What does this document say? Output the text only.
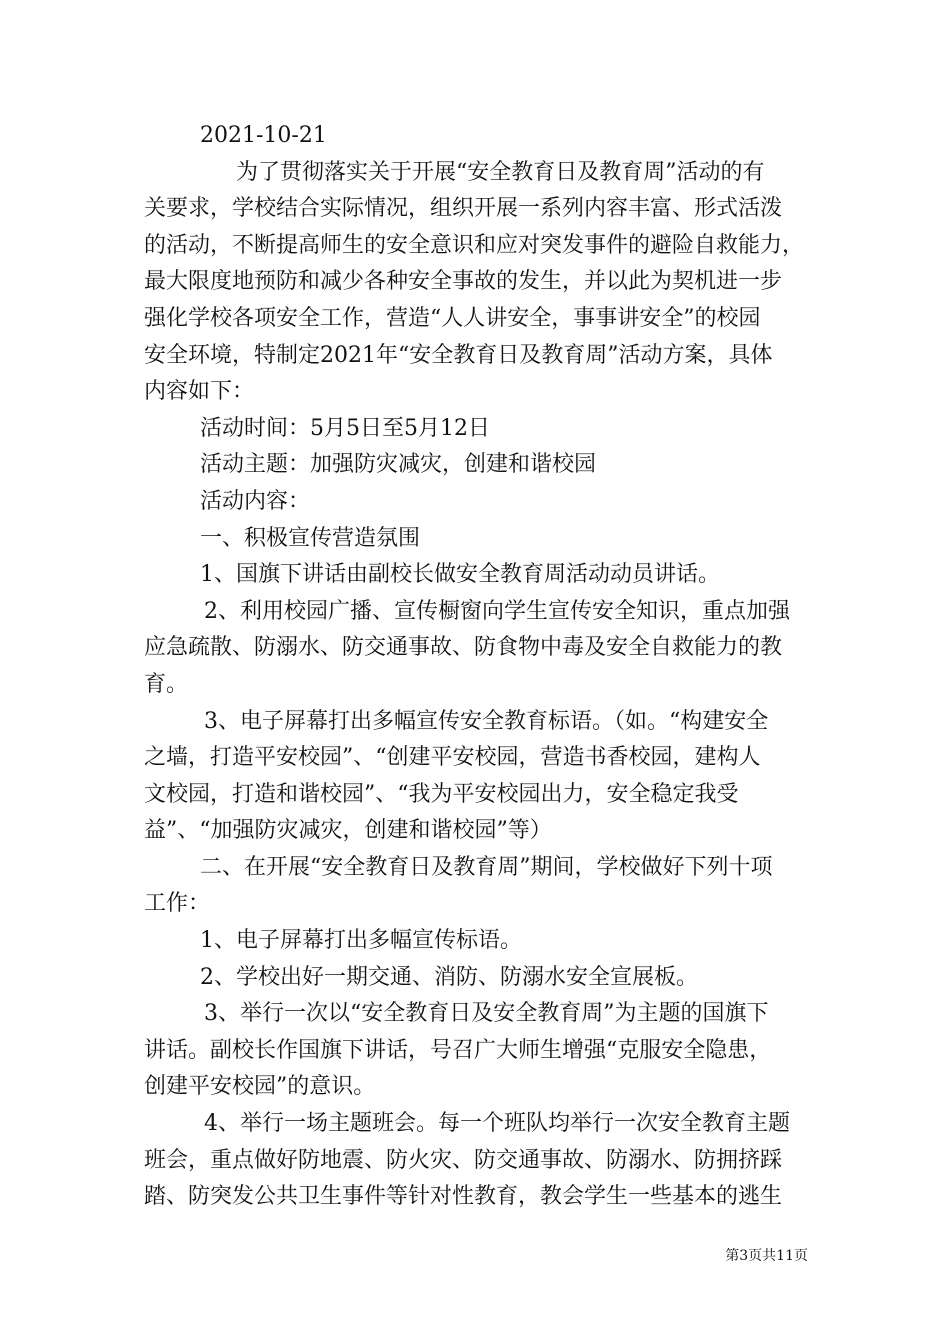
2021-10-21
为了贯彻落实关于开展“安全教育日及教育周”活动的有
关要求，学校结合实际情况，组织开展一系列内容丰富、形式活泼
的活动，不断提高师生的安全意识和应对突发事件的避险自救能力，
最大限度地预防和减少各种安全事故的发生，并以此为契机进一步
强化学校各项安全工作，营造“人人讲安全，事事讲安全”的校园
安全环境，特制定2021年“安全教育日及教育周”活动方案，具体
内容如下：
活动时间：5月5日至5月12日
活动主题：加强防灾减灾，创建和谐校园
活动内容：
一、积极宣传营造氛围
1、国旗下讲话由副校长做安全教育周活动动员讲话。
2、利用校园广播、宣传橱窗向学生宣传安全知识，重点加强
应急疏散、防溺水、防交通事故、防食物中毒及安全自救能力的教
育。
3、电子屏幕打出多幅宣传安全教育标语。（如。“构建安全
之墙，打造平安校园”、“创建平安校园，营造书香校园，建构人
文校园，打造和谐校园”、“我为平安校园出力，安全稳定我受
益”、“加强防灾减灾，创建和谐校园”等）
二、在开展“安全教育日及教育周”期间，学校做好下列十项
工作：
1、电子屏幕打出多幅宣传标语。
2、学校出好一期交通、消防、防溺水安全宣展板。
3、举行一次以“安全教育日及安全教育周”为主题的国旗下
讲话。副校长作国旗下讲话，号召广大师生增强“克服安全隐患，
创建平安校园”的意识。
4、举行一场主题班会。每一个班队均举行一次安全教育主题
班会，重点做好防地震、防火灾、防交通事故、防溺水、防拥挤踩
踏、防突发公共卫生事件等针对性教育，教会学生一些基本的逃生
第3页共11页
